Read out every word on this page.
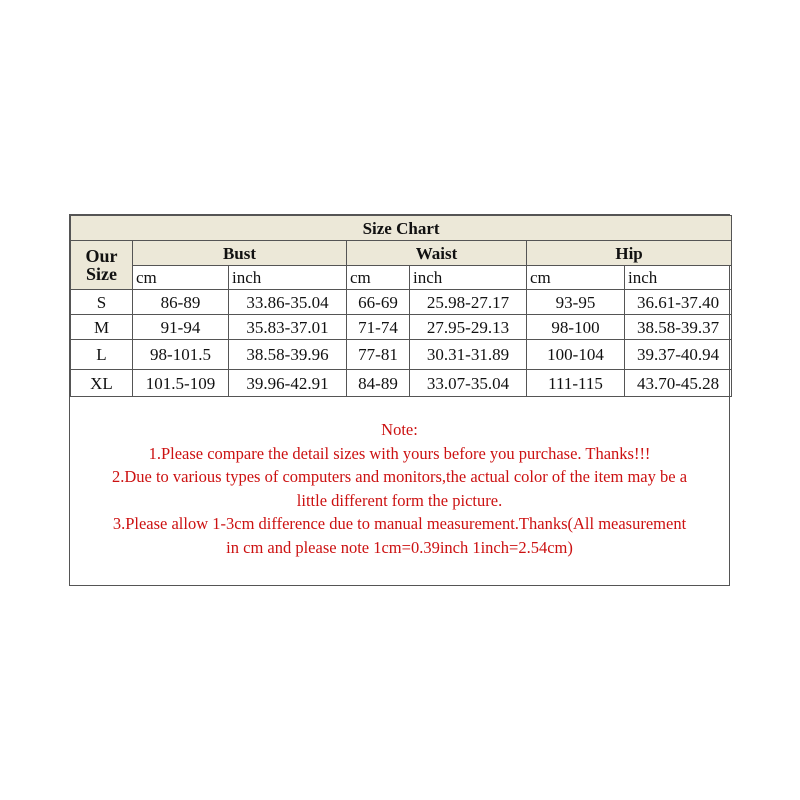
Size Chart						
Our
Size	Bust		Waist		Hip	
	cm	inch	cm	inch	cm	inch
S	86-89	33.86-35.04	66-69	25.98-27.17	93-95	36.61-37.40
M	91-94	35.83-37.01	71-74	27.95-29.13	98-100	38.58-39.37
L	98-101.5	38.58-39.96	77-81	30.31-31.89	100-104	39.37-40.94
XL	101.5-109	39.96-42.91	84-89	33.07-35.04	111-115	43.70-45.28

Note:

1.Please compare the detail sizes with yours before you purchase. Thanks!!!

2.Due to various types of computers and monitors,the actual color of the item may be a

little different form the picture.

3.Please allow 1-3cm difference due to manual measurement.Thanks(All measurement

in cm and please note 1cm=0.39inch 1inch=2.54cm)
